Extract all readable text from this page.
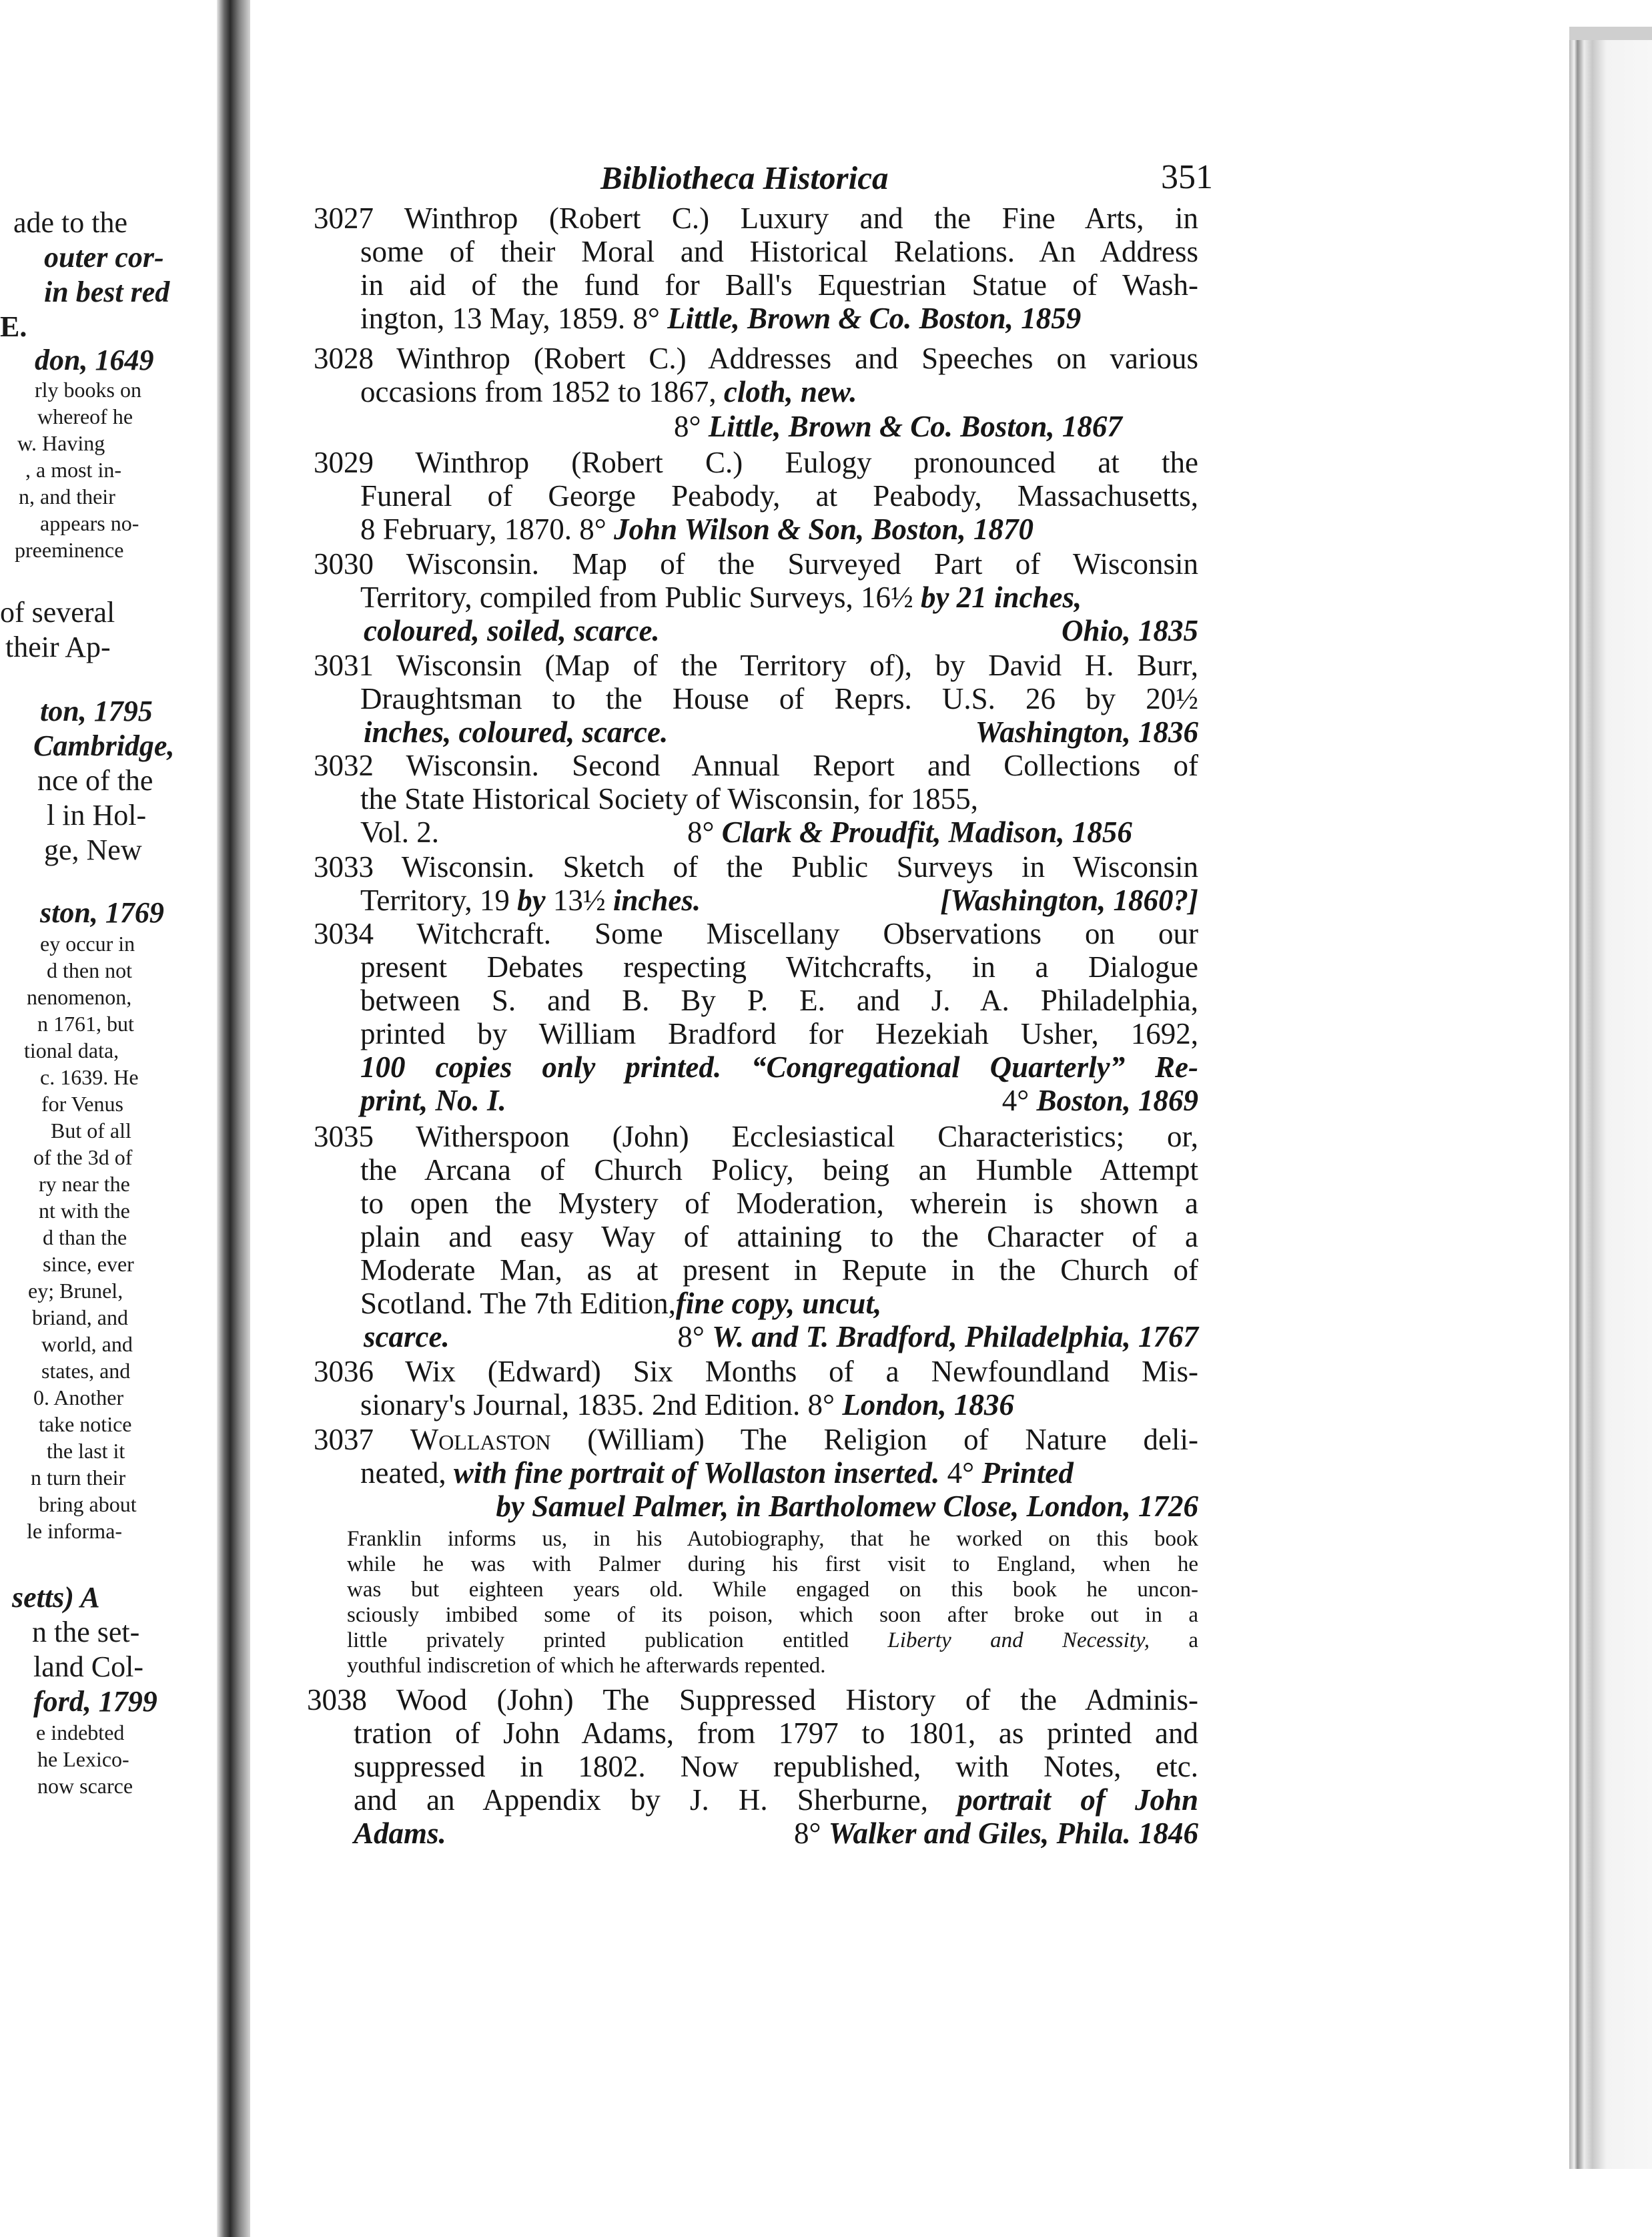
ade to the
outer cor-
in best red
E.
don, 1649
rly books on
whereof he
w. Having
, a most in-
n, and their
appears no-
preeminence
of several
their Ap-
ton, 1795
Cambridge,
nce of the
l in Hol-
ge, New
ston, 1769
ey occur in
d then not
nenomenon,
n 1761, but
tional data,
c. 1639. He
for Venus
But of all
of the 3d of
ry near the
nt with the
d than the
since, ever
ey; Brunel,
briand, and
world, and
states, and
0. Another
take notice
the last it
n turn their
bring about
le informa-
setts) A
n the set-
land Col-
ford, 1799
e indebted
he Lexico-
now scarce
Bibliotheca Historica	351
3027 Winthrop (Robert C.) Luxury and the Fine Arts, in
some of their Moral and Historical Relations. An Address
in aid of the fund for Ball's Equestrian Statue of Wash-
ington, 13 May, 1859. 8° Little, Brown & Co. Boston, 1859
3028 Winthrop (Robert C.) Addresses and Speeches on various
occasions from 1852 to 1867, cloth, new.
8° Little, Brown & Co. Boston, 1867
3029 Winthrop (Robert C.) Eulogy pronounced at the
Funeral of George Peabody, at Peabody, Massachusetts,
8 February, 1870. 8° John Wilson & Son, Boston, 1870
3030 Wisconsin. Map of the Surveyed Part of Wisconsin
Territory, compiled from Public Surveys, 16½ by 21 inches,
coloured, soiled, scarce.	Ohio, 1835
3031 Wisconsin (Map of the Territory of), by David H. Burr,
Draughtsman to the House of Reprs. U.S. 26 by 20½
inches, coloured, scarce.	Washington, 1836
3032 Wisconsin. Second Annual Report and Collections of
the State Historical Society of Wisconsin, for 1855,
Vol. 2.	8° Clark & Proudfit, Madison, 1856
3033 Wisconsin. Sketch of the Public Surveys in Wisconsin
Territory, 19 by 13½ inches.	[Washington, 1860?]
3034 Witchcraft. Some Miscellany Observations on our
present Debates respecting Witchcrafts, in a Dialogue
between S. and B. By P. E. and J. A. Philadelphia,
printed by William Bradford for Hezekiah Usher, 1692,
100 copies only printed. “Congregational Quarterly” Re-
print, No. I.	4° Boston, 1869
3035 Witherspoon (John) Ecclesiastical Characteristics; or,
the Arcana of Church Policy, being an Humble Attempt
to open the Mystery of Moderation, wherein is shown a
plain and easy Way of attaining to the Character of a
Moderate Man, as at present in Repute in the Church of
Scotland. The 7th Edition,fine copy, uncut,
scarce.	8° W. and T. Bradford, Philadelphia, 1767
3036 Wix (Edward) Six Months of a Newfoundland Mis-
sionary's Journal, 1835. 2nd Edition. 8° London, 1836
3037 Wollaston (William) The Religion of Nature deli-
neated, with fine portrait of Wollaston inserted. 4° Printed
by Samuel Palmer, in Bartholomew Close, London, 1726
Franklin informs us, in his Autobiography, that he worked on this book
while he was with Palmer during his first visit to England, when he
was but eighteen years old. While engaged on this book he uncon-
sciously imbibed some of its poison, which soon after broke out in a
little privately printed publication entitled Liberty and Necessity, a
youthful indiscretion of which he afterwards repented.
3038 Wood (John) The Suppressed History of the Adminis-
tration of John Adams, from 1797 to 1801, as printed and
suppressed in 1802. Now republished, with Notes, etc.
and an Appendix by J. H. Sherburne, portrait of John
Adams.	8° Walker and Giles, Phila. 1846
